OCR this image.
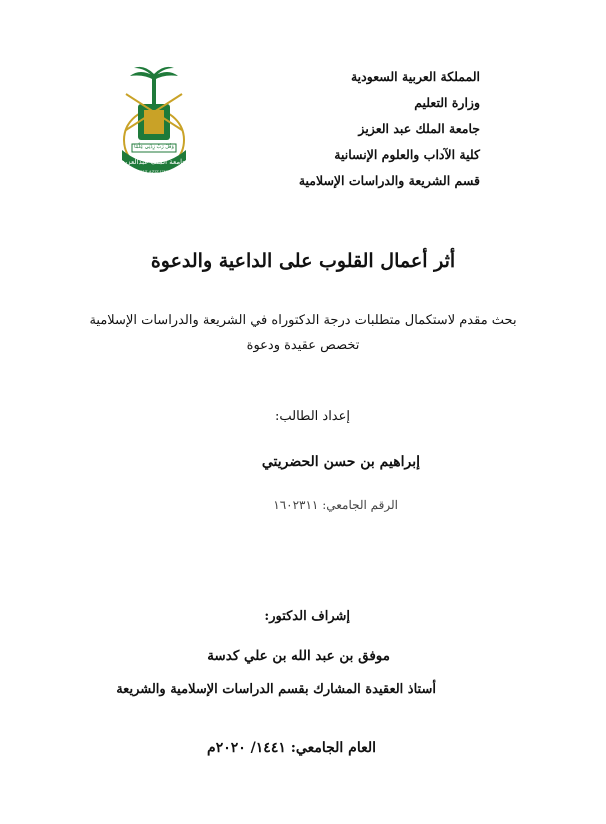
وَقُلْ رَبِّ زِدْنِي عِلْمًا
جامعة الملك عبدالعزيز
KING ABDULAZIZ UNIVERSITY
المملكة العربية السعودية
وزارة التعليم
جامعة الملك عبد العزيز
كلية الآداب والعلوم الإنسانية
قسم الشريعة والدراسات الإسلامية
أثر أعمال القلوب على الداعية والدعوة
بحث مقدم لاستكمال متطلبات درجة الدكتوراه في الشريعة والدراسات الإسلامية
تخصص عقيدة ودعوة
إعداد الطالب:
إبراهيم بن حسن الحضريتي
الرقم الجامعي: ١٦٠٢٣١١
إشراف الدكتور:
موفق بن عبد الله بن علي كدسة
أستاذ العقيدة المشارك بقسم الدراسات الإسلامية والشريعة
العام الجامعي: ١٤٤١/ ٢٠٢٠م
